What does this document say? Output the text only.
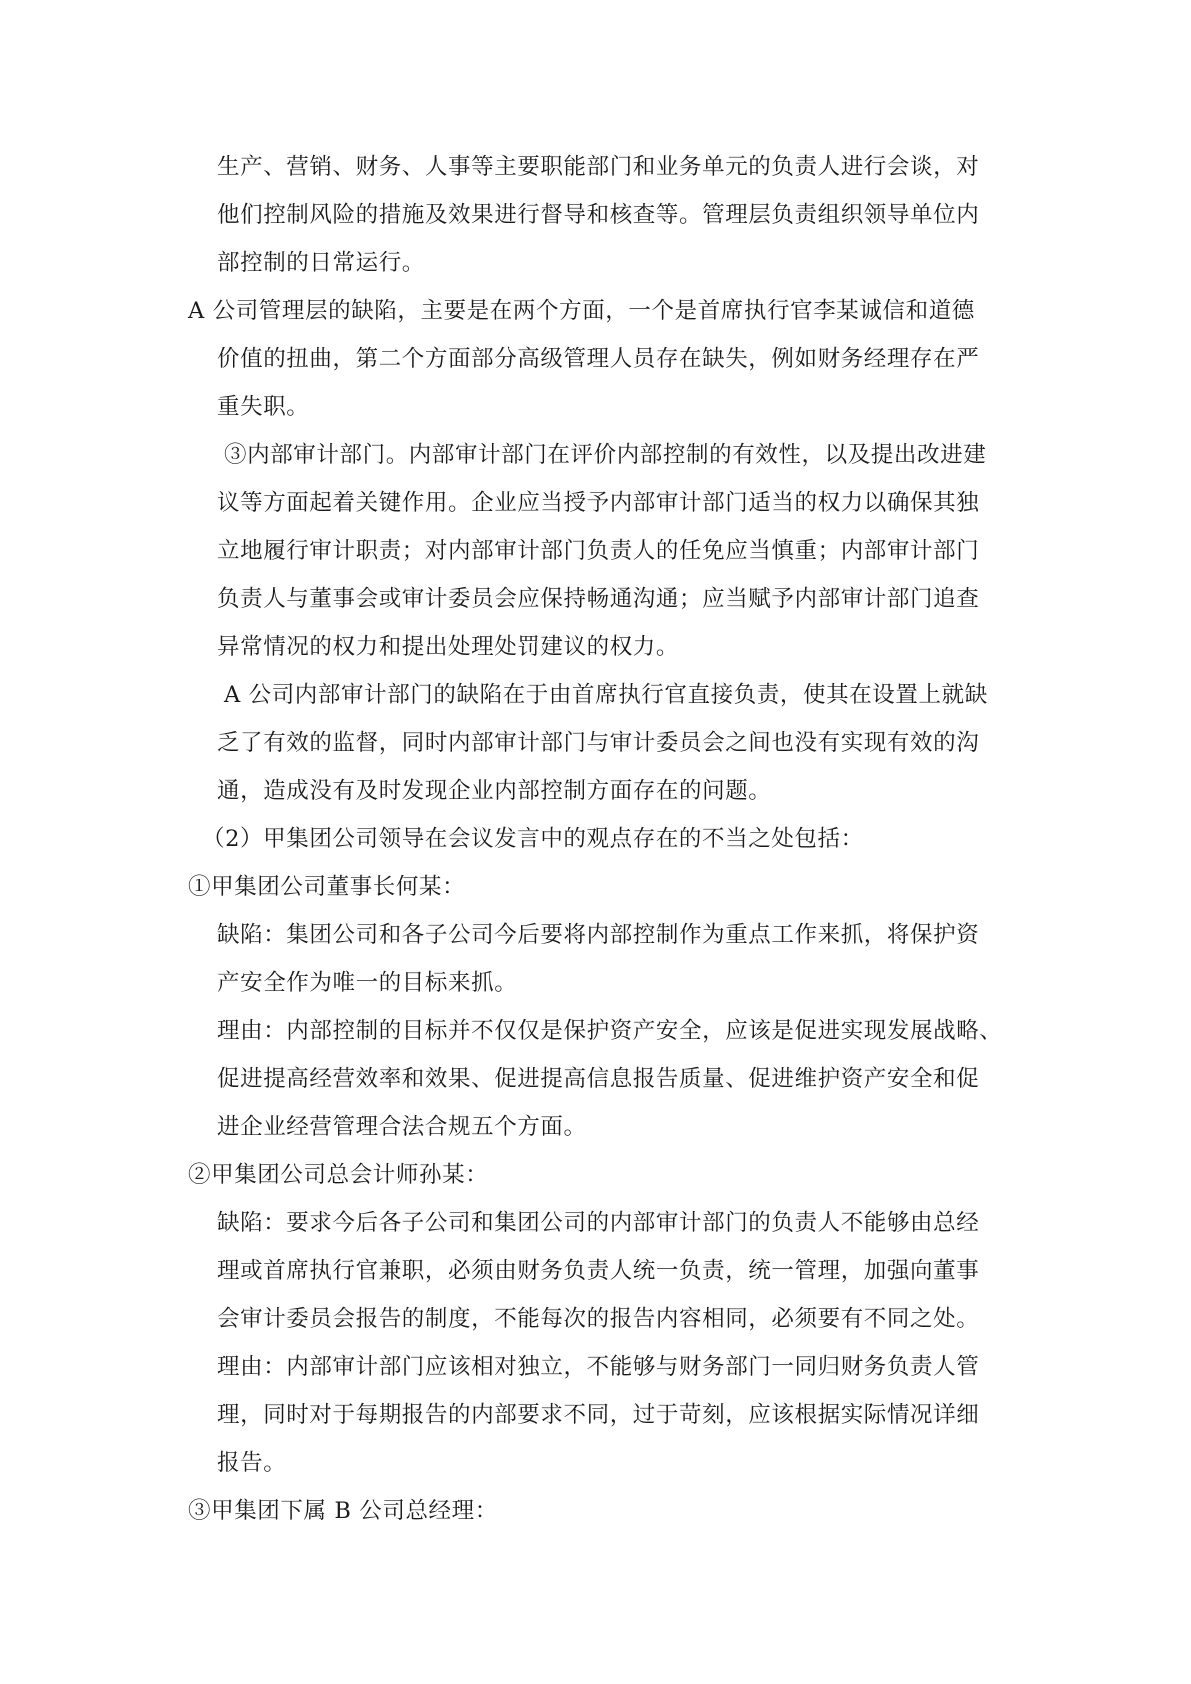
生产、营销、财务、人事等主要职能部门和业务单元的负责人进行会谈，对
他们控制风险的措施及效果进行督导和核查等。管理层负责组织领导单位内
部控制的日常运行。
A 公司管理层的缺陷，主要是在两个方面，一个是首席执行官李某诚信和道德
价值的扭曲，第二个方面部分高级管理人员存在缺失，例如财务经理存在严
重失职。
③内部审计部门。内部审计部门在评价内部控制的有效性，以及提出改进建
议等方面起着关键作用。企业应当授予内部审计部门适当的权力以确保其独
立地履行审计职责；对内部审计部门负责人的任免应当慎重；内部审计部门
负责人与董事会或审计委员会应保持畅通沟通；应当赋予内部审计部门追查
异常情况的权力和提出处理处罚建议的权力。
A 公司内部审计部门的缺陷在于由首席执行官直接负责，使其在设置上就缺
乏了有效的监督，同时内部审计部门与审计委员会之间也没有实现有效的沟
通，造成没有及时发现企业内部控制方面存在的问题。
（2）甲集团公司领导在会议发言中的观点存在的不当之处包括：
①甲集团公司董事长何某：
缺陷：集团公司和各子公司今后要将内部控制作为重点工作来抓，将保护资
产安全作为唯一的目标来抓。
理由：内部控制的目标并不仅仅是保护资产安全，应该是促进实现发展战略、
促进提高经营效率和效果、促进提高信息报告质量、促进维护资产安全和促
进企业经营管理合法合规五个方面。
②甲集团公司总会计师孙某：
缺陷：要求今后各子公司和集团公司的内部审计部门的负责人不能够由总经
理或首席执行官兼职，必须由财务负责人统一负责，统一管理，加强向董事
会审计委员会报告的制度，不能每次的报告内容相同，必须要有不同之处。
理由：内部审计部门应该相对独立，不能够与财务部门一同归财务负责人管
理，同时对于每期报告的内部要求不同，过于苛刻，应该根据实际情况详细
报告。
③甲集团下属 B 公司总经理：
